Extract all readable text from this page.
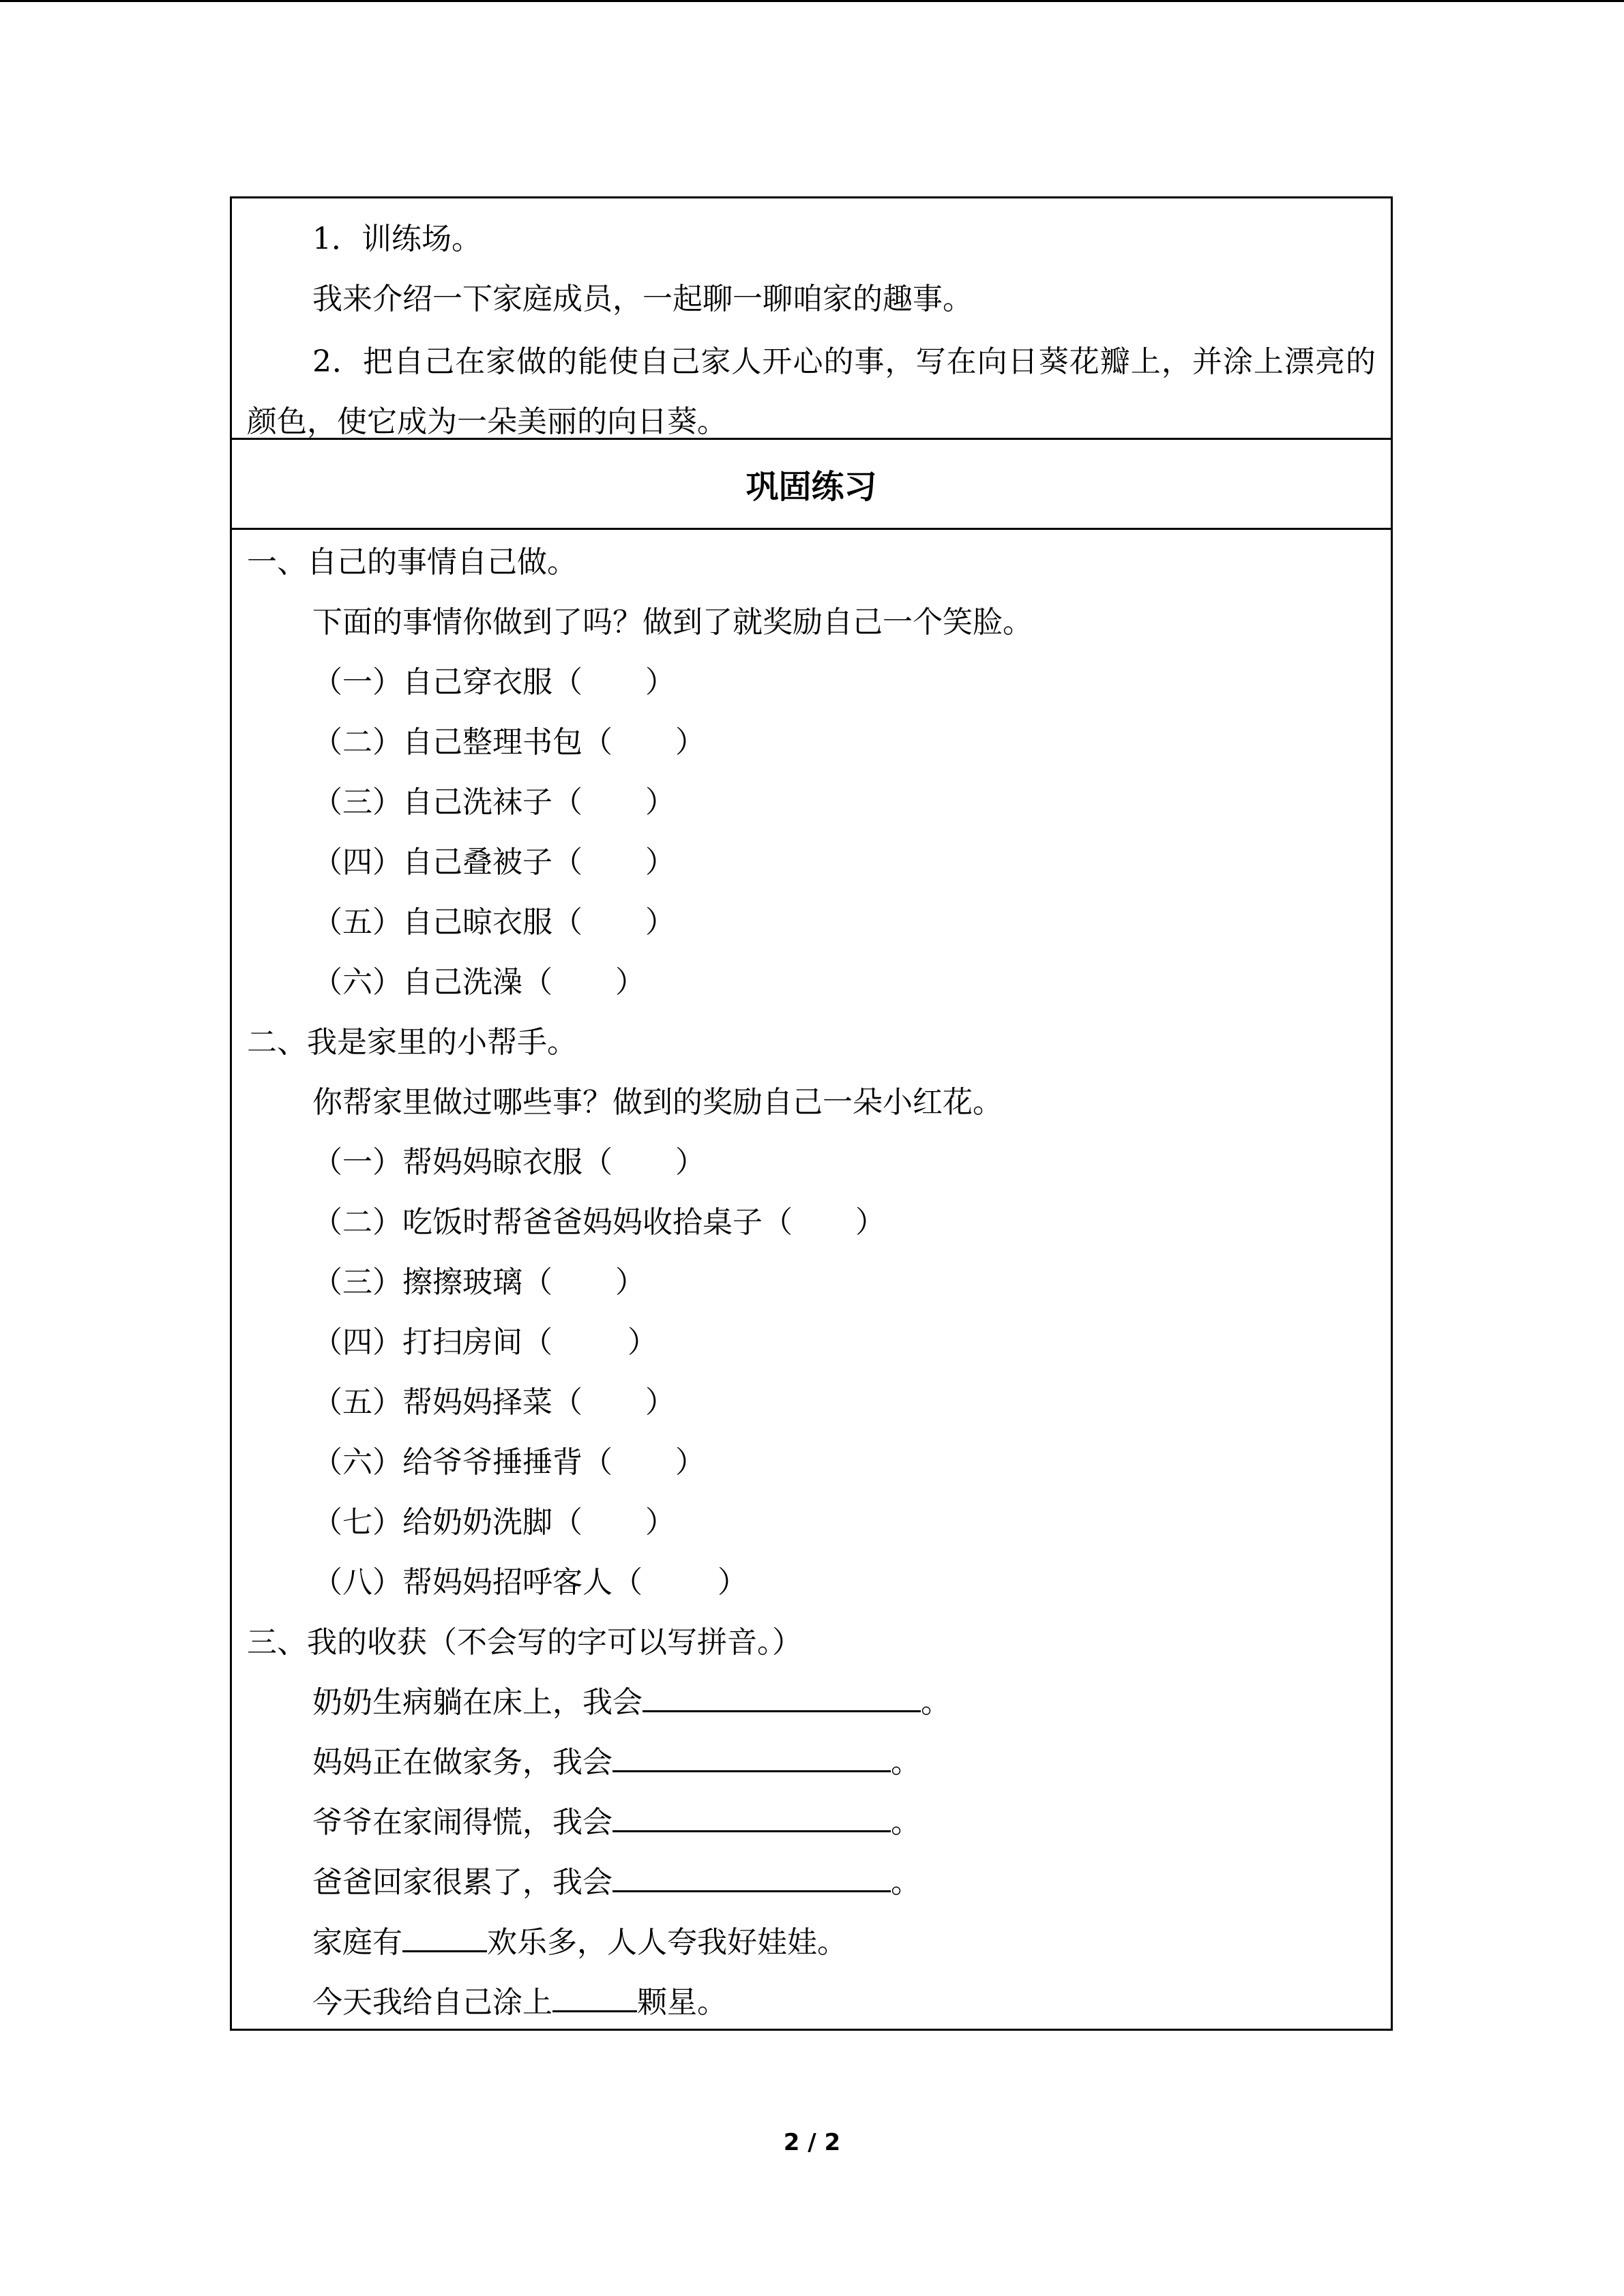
1．训练场。
我来介绍一下家庭成员，一起聊一聊咱家的趣事。
2．把自己在家做的能使自己家人开心的事，写在向日葵花瓣上，并涂上漂亮的颜色，使它成为一朵美丽的向日葵。
巩固练习
一、自己的事情自己做。
下面的事情你做到了吗？做到了就奖励自己一个笑脸。
（一）自己穿衣服（ ）
（二）自己整理书包（ ）
（三）自己洗袜子（ ）
（四）自己叠被子（ ）
（五）自己晾衣服（ ）
（六）自己洗澡（ ）
二、我是家里的小帮手。
你帮家里做过哪些事？做到的奖励自己一朵小红花。
（一）帮妈妈晾衣服（ ）
（二）吃饭时帮爸爸妈妈收拾桌子（ ）
（三）擦擦玻璃（ ）
（四）打扫房间（	）
（五）帮妈妈择菜（ ）
（六）给爷爷捶捶背（ ）
（七）给奶奶洗脚（ ）
（八）帮妈妈招呼客人（	）
三、我的收获（不会写的字可以写拼音。）
奶奶生病躺在床上，我会	。
妈妈正在做家务，我会	。
爷爷在家闹得慌，我会	。
爸爸回家很累了，我会	。
家庭有	欢乐多，人人夸我好娃娃。
今天我给自己涂上	颗星。
2 / 2
